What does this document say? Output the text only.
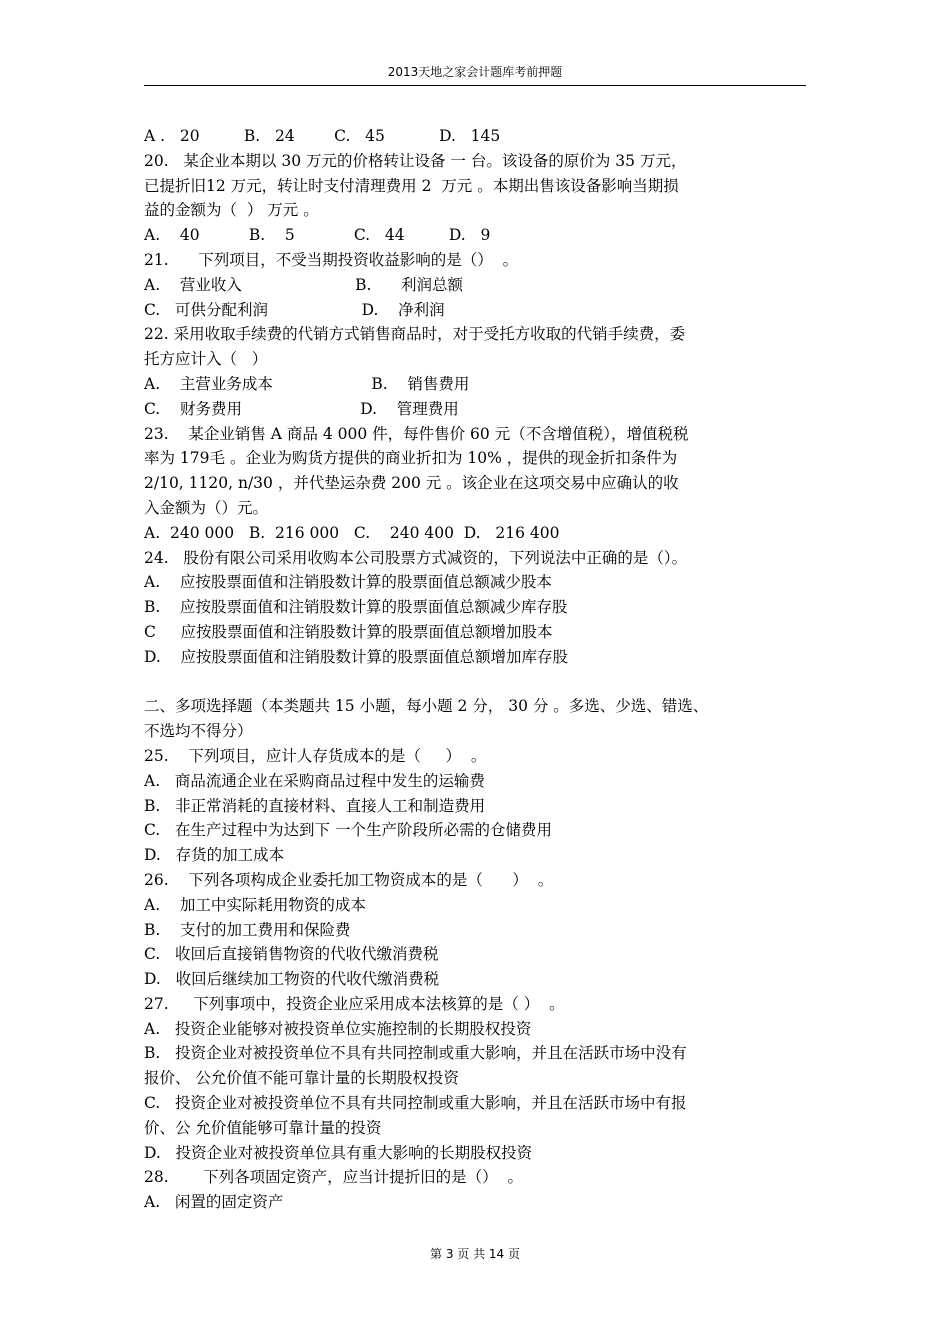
2013天地之家会计题库考前押题
A .   20         B.   24        C.   45           D.   145
20.   某企业本期以 30 万元的价格转让设备 一 台。该设备的原价为 35 万元，
已提折旧12 万元，转让时支付清理费用 2  万元 。本期出售该设备影响当期损
益的金额为（  ） 万元 。
A.    40          B.    5            C.   44         D.   9
21.      下列项目，不受当期投资收益影响的是（）  。
A.    营业收入                       B.      利润总额
C.   可供分配利润                   D.    净利润
22. 采用收取手续费的代销方式销售商品时，对于受托方收取的代销手续费，委
托方应计入（   ）
A.    主营业务成本                    B.    销售费用
C.    财务费用                        D.    管理费用
23.    某企业销售 A 商品 4 000 件，每件售价 60 元（不含增值税），增值税税
率为 179毛 。企业为购货方提供的商业折扣为 10% ，提供的现金折扣条件为
2/10, 1120, n/30 ，并代垫运杂费 200 元 。该企业在这项交易中应确认的收
入金额为（）元。
A.  240 000   B.  216 000   C.    240 400  D.   216 400
24.   股份有限公司采用收购本公司股票方式减资的，下列说法中正确的是（）。
A.    应按股票面值和注销股数计算的股票面值总额减少股本
B.    应按股票面值和注销股数计算的股票面值总额减少库存股
C     应按股票面值和注销股数计算的股票面值总额增加股本
D.    应按股票面值和注销股数计算的股票面值总额增加库存股
二、多项选择题（本类题共 15 小题，每小题 2 分， 30 分 。多选、少选、错选、
不选均不得分）
25.    下列项目，应计人存货成本的是（     ）  。
A.   商品流通企业在采购商品过程中发生的运输费
B.   非正常消耗的直接材料、直接人工和制造费用
C.   在生产过程中为达到下 一个生产阶段所必需的仓储费用
D.   存货的加工成本
26.    下列各项构成企业委托加工物资成本的是（      ）  。
A.    加工中实际耗用物资的成本
B.    支付的加工费用和保险费
C.   收回后直接销售物资的代收代缴消费税
D.   收回后继续加工物资的代收代缴消费税
27.     下列事项中，投资企业应采用成本法核算的是（ ）  。
A.   投资企业能够对被投资单位实施控制的长期股权投资
B.   投资企业对被投资单位不具有共同控制或重大影响，并且在活跃市场中没有
报价、 公允价值不能可靠计量的长期股权投资
C.   投资企业对被投资单位不具有共同控制或重大影响，并且在活跃市场中有报
价、公 允价值能够可靠计量的投资
D.   投资企业对被投资单位具有重大影响的长期股权投资
28.       下列各项固定资产，应当计提折旧的是（）  。
A.   闲置的固定资产
第 3 页 共 14 页
